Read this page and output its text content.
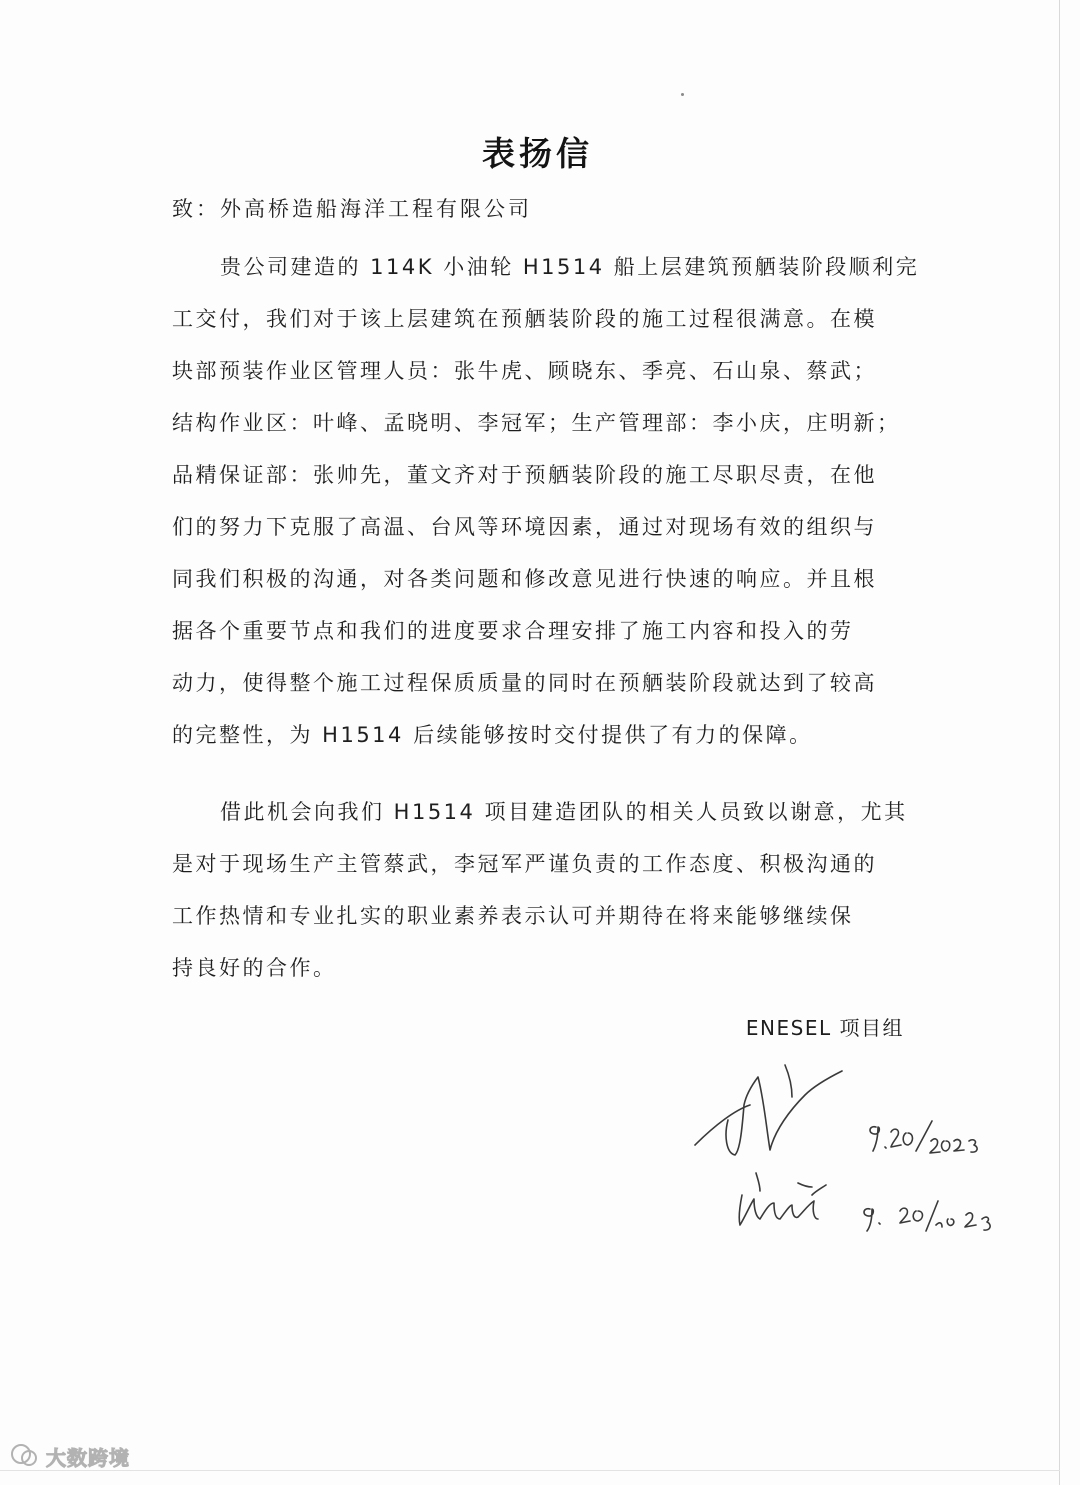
表扬信
致：外高桥造船海洋工程有限公司
贵公司建造的 114K 小油轮 H1514 船上层建筑预舾装阶段顺利完
工交付，我们对于该上层建筑在预舾装阶段的施工过程很满意。在模
块部预装作业区管理人员：张牛虎、顾晓东、季亮、石山泉、蔡武；
结构作业区：叶峰、孟晓明、李冠军；生产管理部：李小庆，庄明新；
品精保证部：张帅先，董文齐对于预舾装阶段的施工尽职尽责，在他
们的努力下克服了高温、台风等环境因素，通过对现场有效的组织与
同我们积极的沟通，对各类问题和修改意见进行快速的响应。并且根
据各个重要节点和我们的进度要求合理安排了施工内容和投入的劳
动力，使得整个施工过程保质质量的同时在预舾装阶段就达到了较高
的完整性，为 H1514 后续能够按时交付提供了有力的保障。
借此机会向我们 H1514 项目建造团队的相关人员致以谢意，尤其
是对于现场生产主管蔡武，李冠军严谨负责的工作态度、积极沟通的
工作热情和专业扎实的职业素养表示认可并期待在将来能够继续保
持良好的合作。
ENESEL 项目组
大数跨境
